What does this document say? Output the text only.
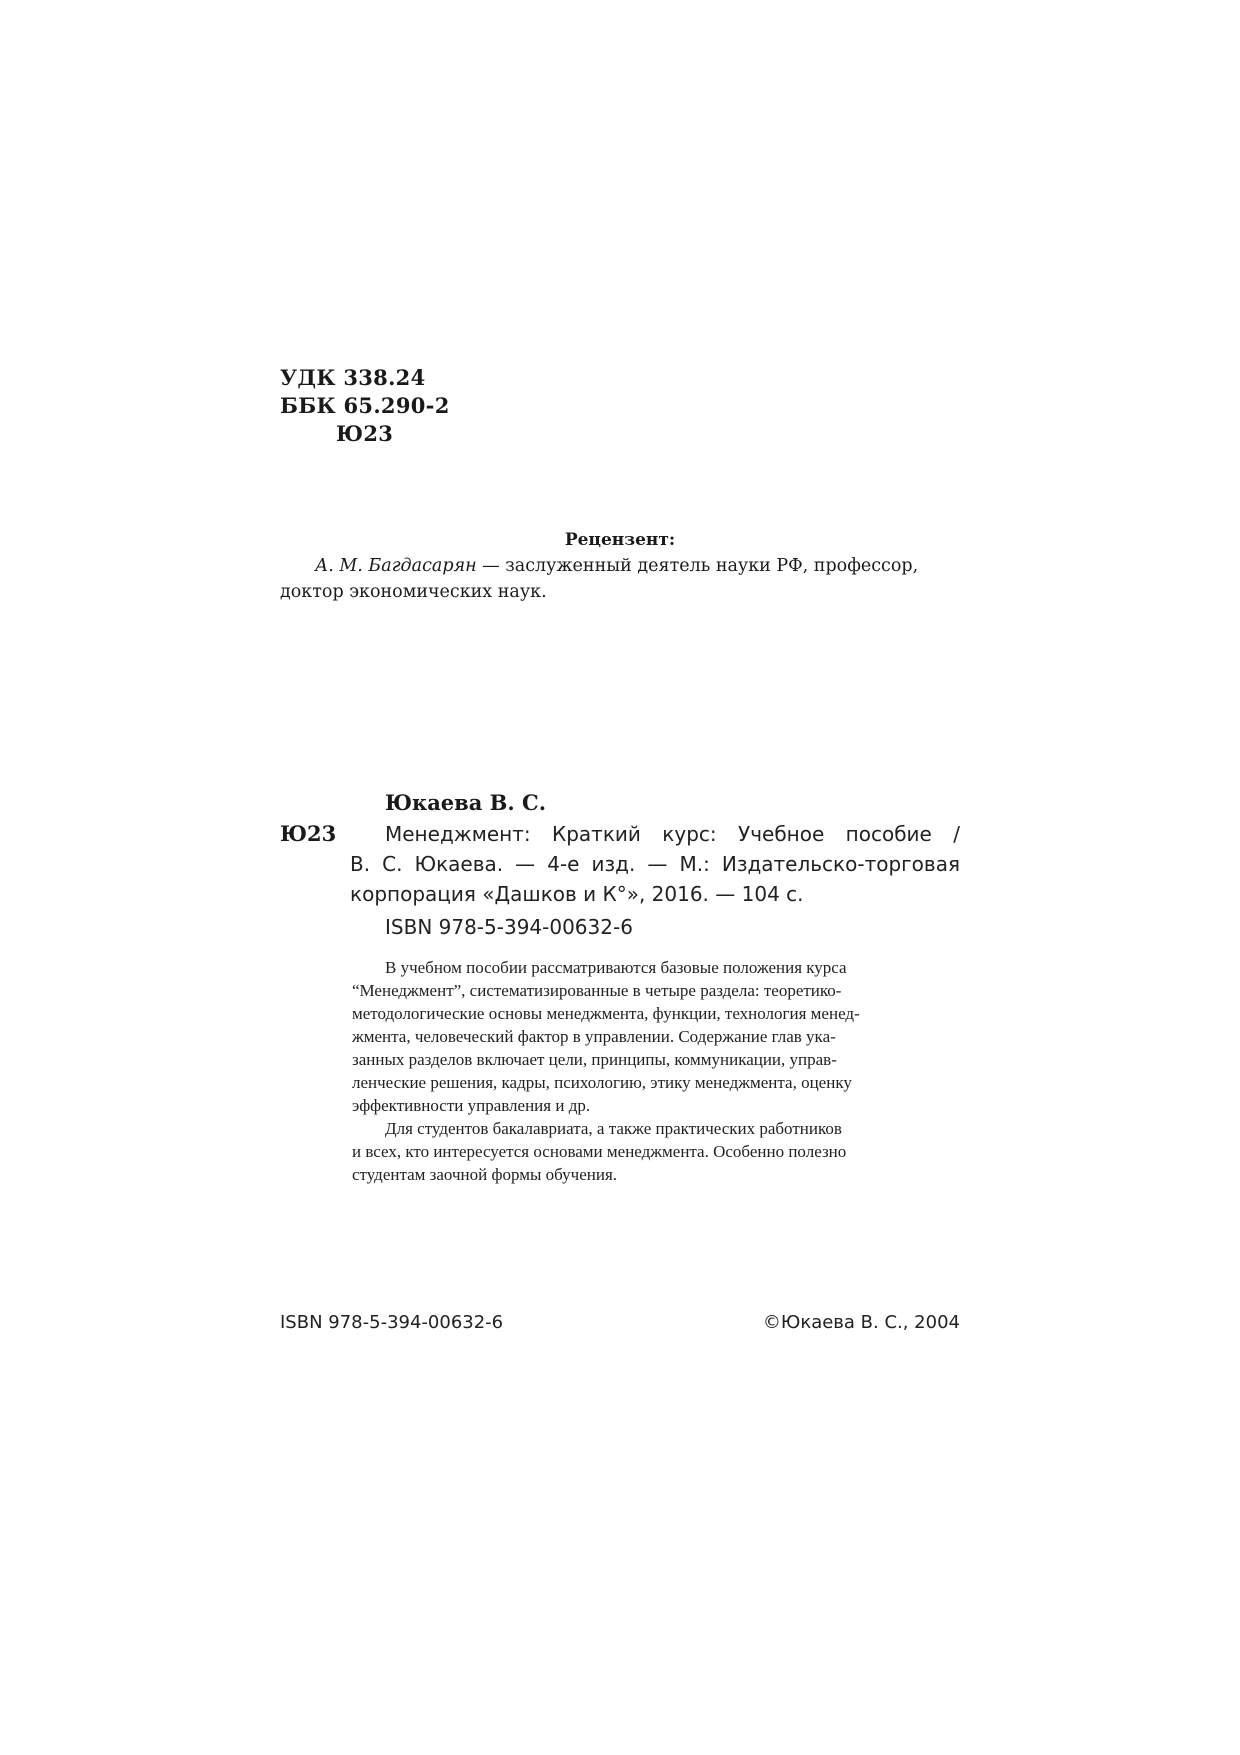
УДК 338.24
ББК 65.290-2
Ю23
Рецензент:
А. М. Багдасарян — заслуженный деятель науки РФ, профессор,
доктор экономических наук.
Юкаева В. С.
Ю23 Менеджмент: Краткий курс: Учебное пособие /
В. С. Юкаева. — 4-е изд. — М.: Издательско-торговая
корпорация «Дашков и К°», 2016. — 104 с.
ISBN 978-5-394-00632-6
В учебном пособии рассматриваются базовые положения курса
“Менеджмент”, систематизированные в четыре раздела: теоретико-
методологические основы менеджмента, функции, технология менед-
жмента, человеческий фактор в управлении. Содержание глав ука-
занных разделов включает цели, принципы, коммуникации, управ-
ленческие решения, кадры, психологию, этику менеджмента, оценку
эффективности управления и др.
Для студентов бакалавриата, а также практических работников
и всех, кто интересуется основами менеджмента. Особенно полезно
студентам заочной формы обучения.
ISBN 978-5-394-00632-6	©Юкаева В. С., 2004
